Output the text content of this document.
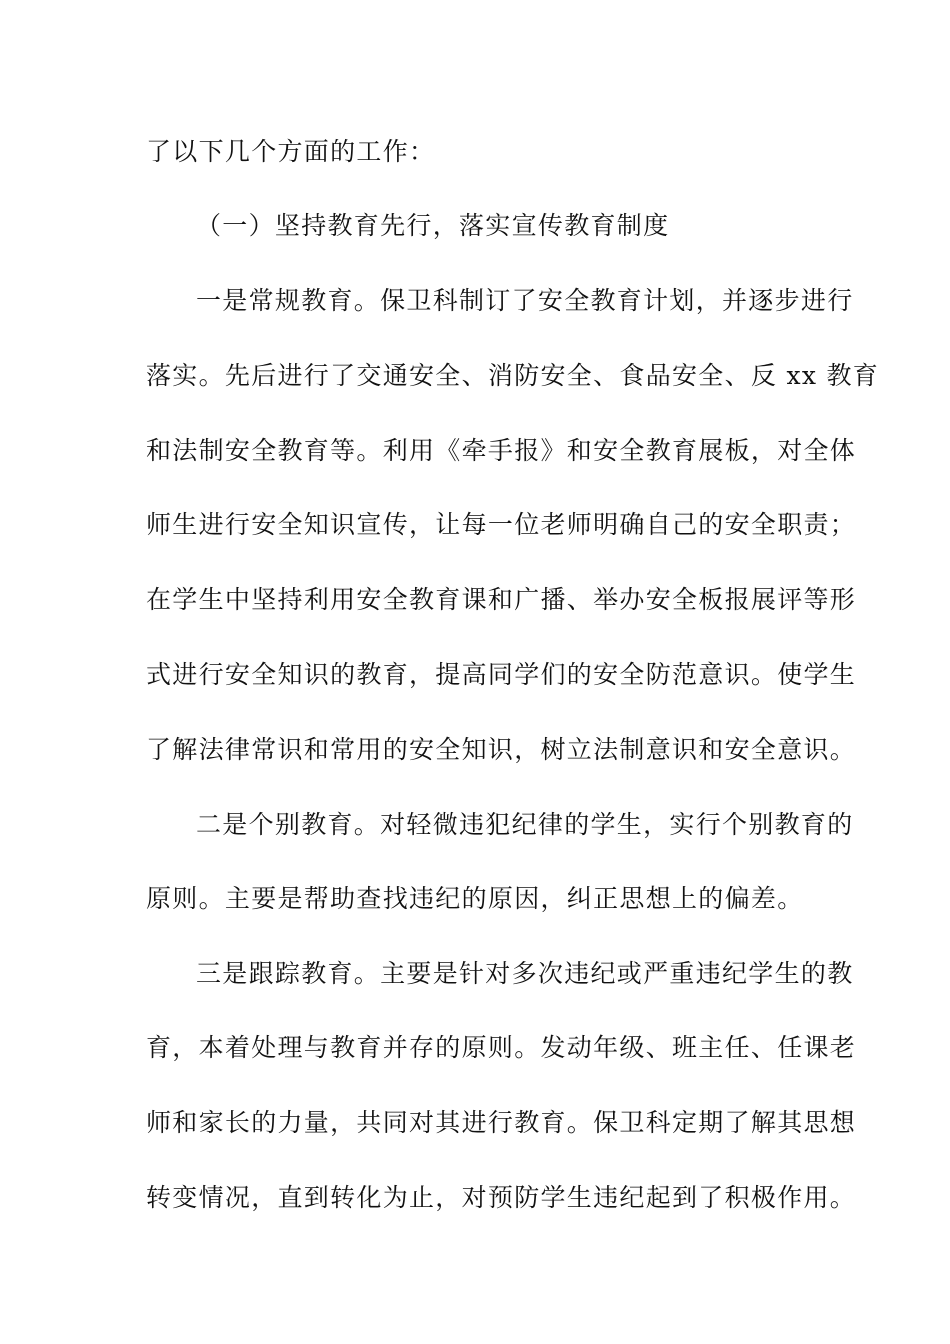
了以下几个方面的工作：
（一）坚持教育先行，落实宣传教育制度
一是常规教育。保卫科制订了安全教育计划，并逐步进行
落实。先后进行了交通安全、消防安全、食品安全、反 xx 教育
和法制安全教育等。利用《牵手报》和安全教育展板，对全体
师生进行安全知识宣传，让每一位老师明确自己的安全职责；
在学生中坚持利用安全教育课和广播、举办安全板报展评等形
式进行安全知识的教育，提高同学们的安全防范意识。使学生
了解法律常识和常用的安全知识，树立法制意识和安全意识。
二是个别教育。对轻微违犯纪律的学生，实行个别教育的
原则。主要是帮助查找违纪的原因，纠正思想上的偏差。
三是跟踪教育。主要是针对多次违纪或严重违纪学生的教
育，本着处理与教育并存的原则。发动年级、班主任、任课老
师和家长的力量，共同对其进行教育。保卫科定期了解其思想
转变情况，直到转化为止，对预防学生违纪起到了积极作用。
